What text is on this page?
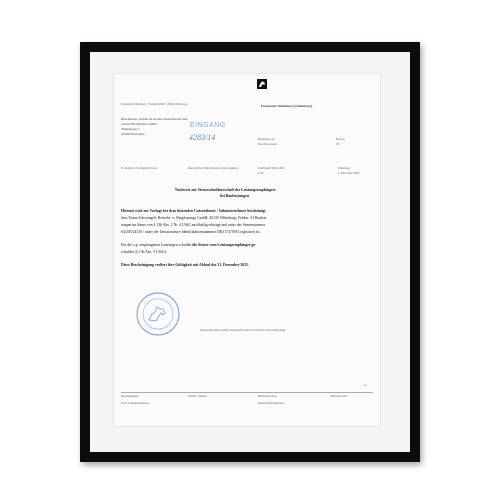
Finanzamt Oldenburg · Postfach 2445 · 26014 Oldenburg	Finanzamt Oldenburg (Oldenburg)
Buschmann, Geisler & Gerdes Steuerberater und
vereid. Buchprüfer GmbH
Theilenweg 1
26169 Friesoythe
EINGANG
4283/14	Bearbeitet von
Frau Rosenstein
Zimmer
C8
Ihr Zeichen, Ihre Nachricht vom	Mein Zeichen (Bei Antworten bitte angeben)	Durchwahl (0441) 238-
1-06
Oldenburg
6. Dezember 2022
Nachweis zur Steuerschuldnerschaft des Leistungsempfängers
bei Bauleistungen
Hiermit wird zur Vorlage bei dem leistenden Unternehmer / Subunternehmer bescheinigt,
dass Firma Schwengels Betriebs- u. Bauplanungs GmbH, 26135 Oldenburg, Feldstr. 34 Bauleis-
tungen im Sinne von § 13b Abs. 2 Nr. 4 UStG nachhaltig erbringt und unter der Steuernummer
64/205/24516 / unter der Umsatzsteuer-Identifikationsnummer DE317475933 registriert ist.
Für die o.g. empfangenen Leistungen schuldet die Steuer vom Leistungsempfänger ge-
schuldet (§ 13b Abs. 5 UStG).
Diese Bescheinigung verliert ihre Gültigkeit mit Ablauf des 31. Dezember 2025.
Dieses Schreiben wurde maschinell erstellt und ist ohne Unterschrift gültig.
- 2 -
Dienstgebäude
Kommunikationsadresse
Telefon / Telefax	Bankverbindung
Deutsche Bundesbank
Öffnungszeiten
